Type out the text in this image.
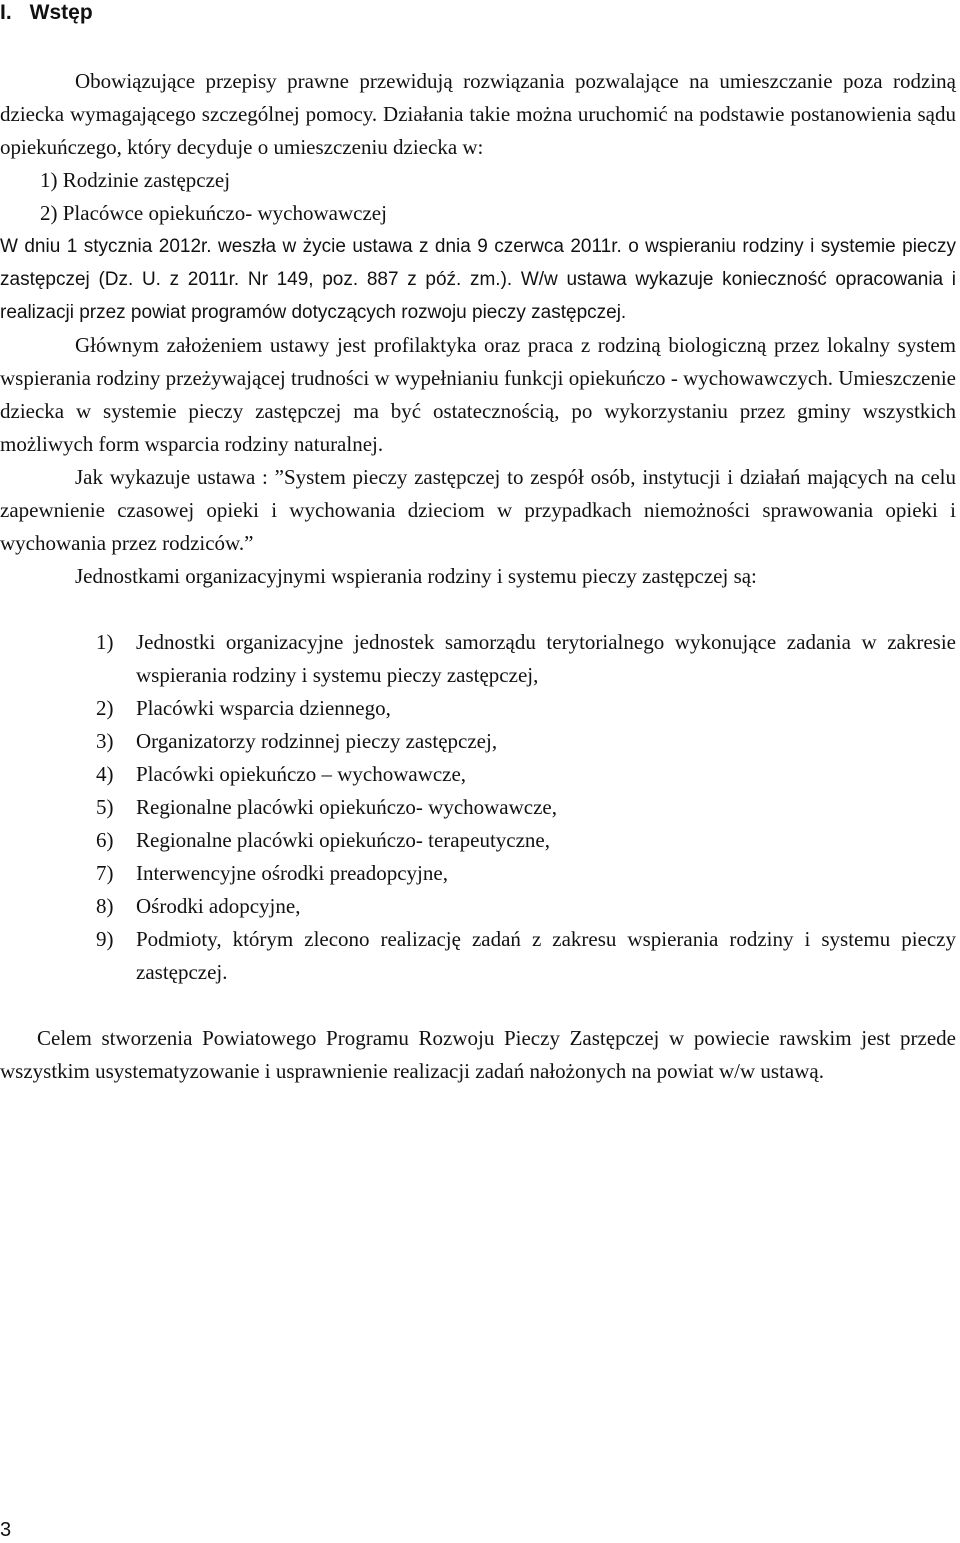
I. Wstęp

Obowiązujące przepisy prawne przewidują rozwiązania pozwalające na umieszczanie poza rodziną dziecka wymagającego szczególnej pomocy. Działania takie można uruchomić na podstawie postanowienia sądu opiekuńczego, który decyduje o umieszczeniu dziecka w:

1) Rodzinie zastępczej
2) Placówce opiekuńczo- wychowawczej

W dniu 1 stycznia 2012r. weszła w życie ustawa z dnia 9 czerwca 2011r. o wspieraniu rodziny i systemie pieczy zastępczej (Dz. U. z 2011r. Nr 149, poz. 887 z póź. zm.). W/w ustawa wykazuje konieczność opracowania i realizacji przez powiat programów dotyczących rozwoju pieczy zastępczej.

Głównym założeniem ustawy jest profilaktyka oraz praca z rodziną biologiczną przez lokalny system wspierania rodziny przeżywającej trudności w wypełnianiu funkcji opiekuńczo - wychowawczych. Umieszczenie dziecka w systemie pieczy zastępczej ma być ostatecznością, po wykorzystaniu przez gminy wszystkich możliwych form wsparcia rodziny naturalnej.

Jak wykazuje ustawa : ˮSystem pieczy zastępczej to zespół osób, instytucji i działań mających na celu zapewnienie czasowej opieki i wychowania dzieciom w przypadkach niemożności sprawowania opieki i wychowania przez rodziców.ˮ

Jednostkami organizacyjnymi wspierania rodziny i systemu pieczy zastępczej są:

1) Jednostki organizacyjne jednostek samorządu terytorialnego wykonujące zadania w zakresie wspierania rodziny i systemu pieczy zastępczej,
2) Placówki wsparcia dziennego,
3) Organizatorzy rodzinnej pieczy zastępczej,
4) Placówki opiekuńczo – wychowawcze,
5) Regionalne placówki opiekuńczo- wychowawcze,
6) Regionalne placówki opiekuńczo- terapeutyczne,
7) Interwencyjne ośrodki preadopcyjne,
8) Ośrodki adopcyjne,
9) Podmioty, którym zlecono realizację zadań z zakresu wspierania rodziny i systemu pieczy zastępczej.

Celem stworzenia Powiatowego Programu Rozwoju Pieczy Zastępczej w powiecie rawskim jest przede wszystkim usystematyzowanie i usprawnienie realizacji zadań nałożonych na powiat w/w ustawą.

3
